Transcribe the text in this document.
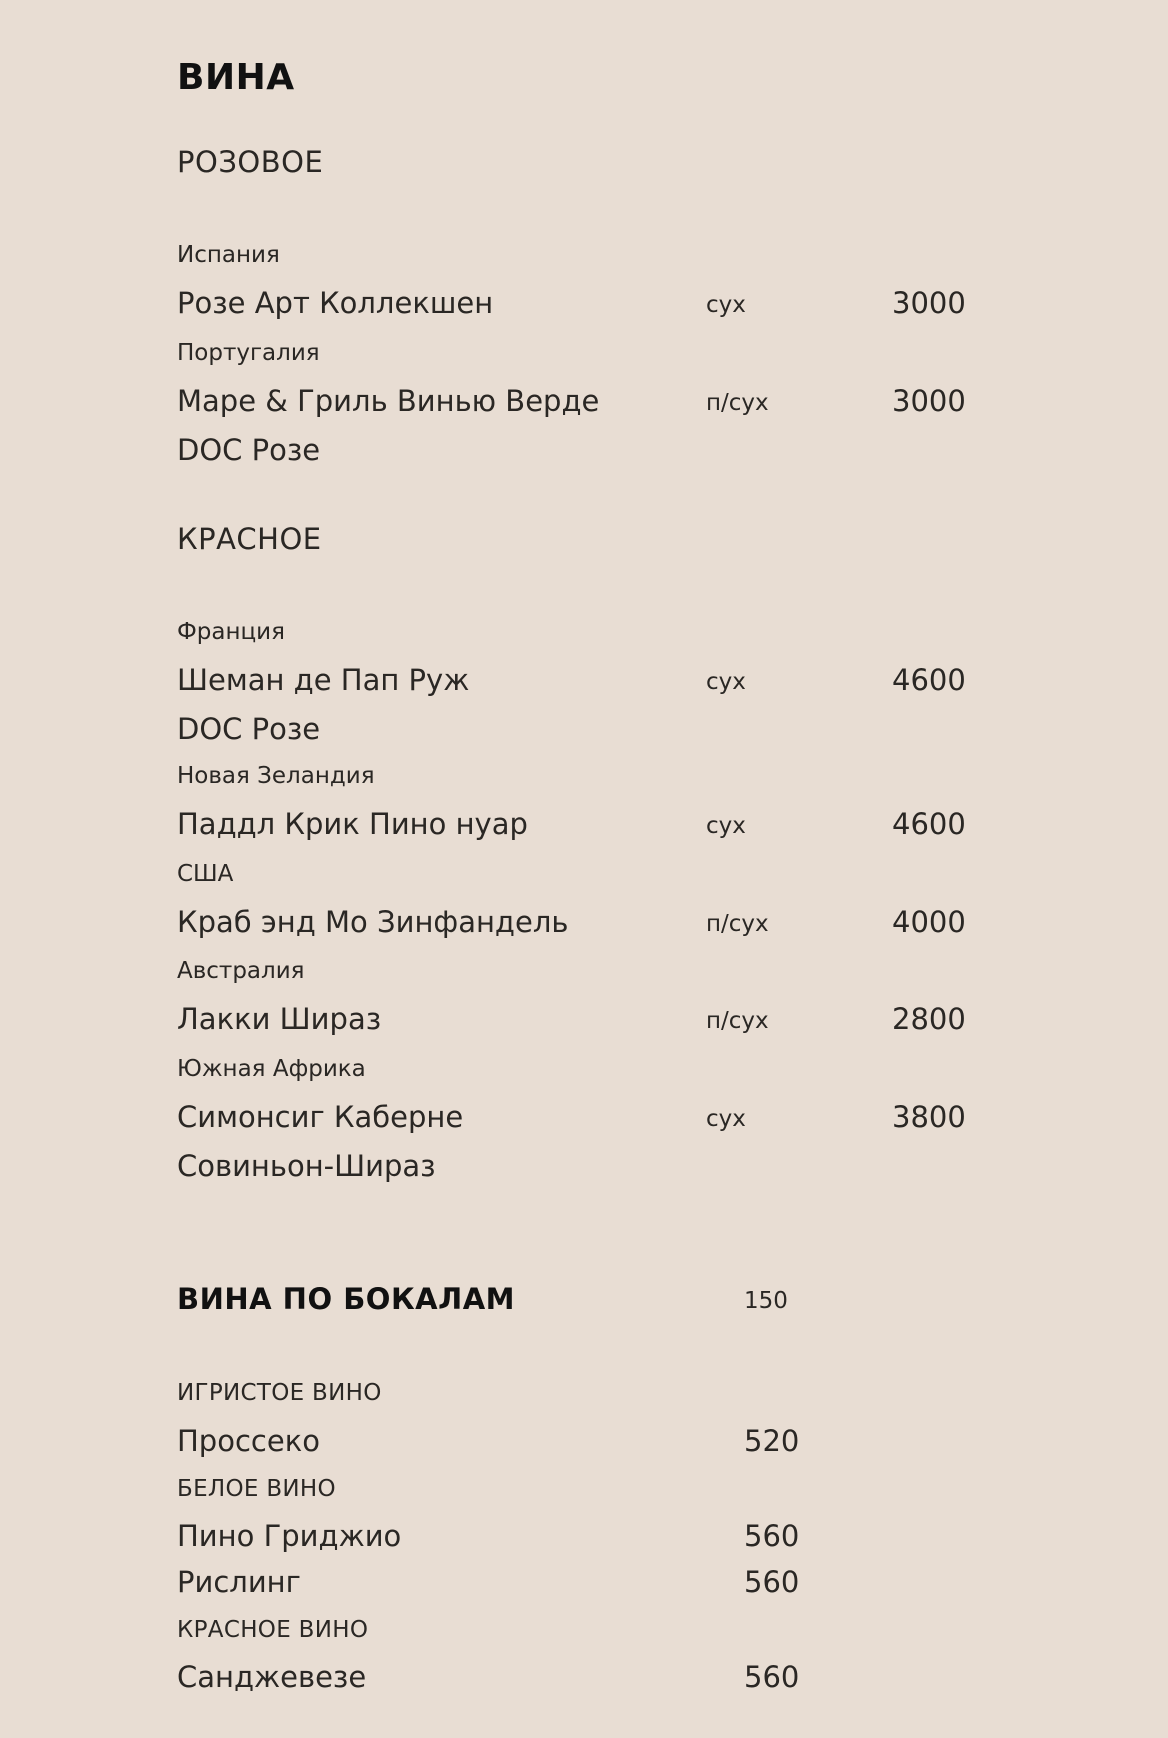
ВИНА
РОЗОВОЕ
Испания
Розе Арт Коллекшен	сух	3000
Португалия
Маре & Гриль Винью Верде	п/сух	3000
DOC Розе
КРАСНОЕ
Франция
Шеман де Пап Руж	сух	4600
DOC Розе
Новая Зеландия
Паддл Крик Пино нуар	сух	4600
США
Краб энд Мо Зинфандель	п/сух	4000
Австралия
Лакки Шираз	п/сух	2800
Южная Африка
Симонсиг Каберне	сух	3800
Совиньон-Шираз
ВИНА ПО БОКАЛАМ	150
ИГРИСТОЕ ВИНО
Проссеко	520
БЕЛОЕ ВИНО
Пино Гриджио	560
Рислинг	560
КРАСНОЕ ВИНО
Санджевезе	560
